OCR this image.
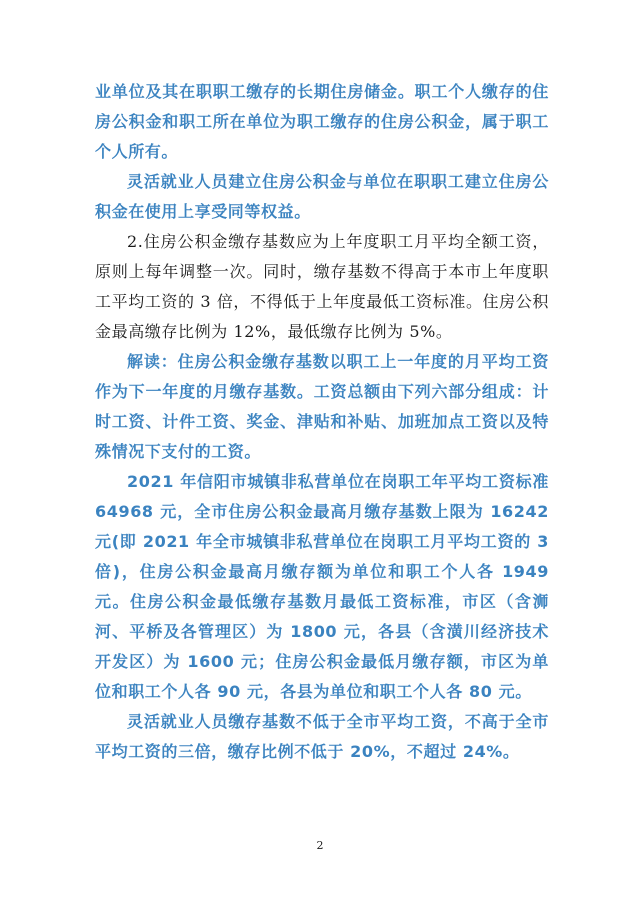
业单位及其在职职工缴存的长期住房储金。职工个人缴存的住房公积金和职工所在单位为职工缴存的住房公积金，属于职工个人所有。

灵活就业人员建立住房公积金与单位在职职工建立住房公积金在使用上享受同等权益。

2.住房公积金缴存基数应为上年度职工月平均全额工资，原则上每年调整一次。同时，缴存基数不得高于本市上年度职工平均工资的 3 倍，不得低于上年度最低工资标准。住房公积金最高缴存比例为 12%，最低缴存比例为 5%。

解读：住房公积金缴存基数以职工上一年度的月平均工资作为下一年度的月缴存基数。工资总额由下列六部分组成：计时工资、计件工资、奖金、津贴和补贴、加班加点工资以及特殊情况下支付的工资。

2021 年信阳市城镇非私营单位在岗职工年平均工资标准 64968 元，全市住房公积金最高月缴存基数上限为 16242 元(即 2021 年全市城镇非私营单位在岗职工月平均工资的 3 倍)，住房公积金最高月缴存额为单位和职工个人各 1949 元。住房公积金最低缴存基数月最低工资标准，市区（含浉河、平桥及各管理区）为 1800 元，各县（含潢川经济技术开发区）为 1600 元；住房公积金最低月缴存额，市区为单位和职工个人各 90 元，各县为单位和职工个人各 80 元。

灵活就业人员缴存基数不低于全市平均工资，不高于全市平均工资的三倍，缴存比例不低于 20%，不超过 24%。

2
